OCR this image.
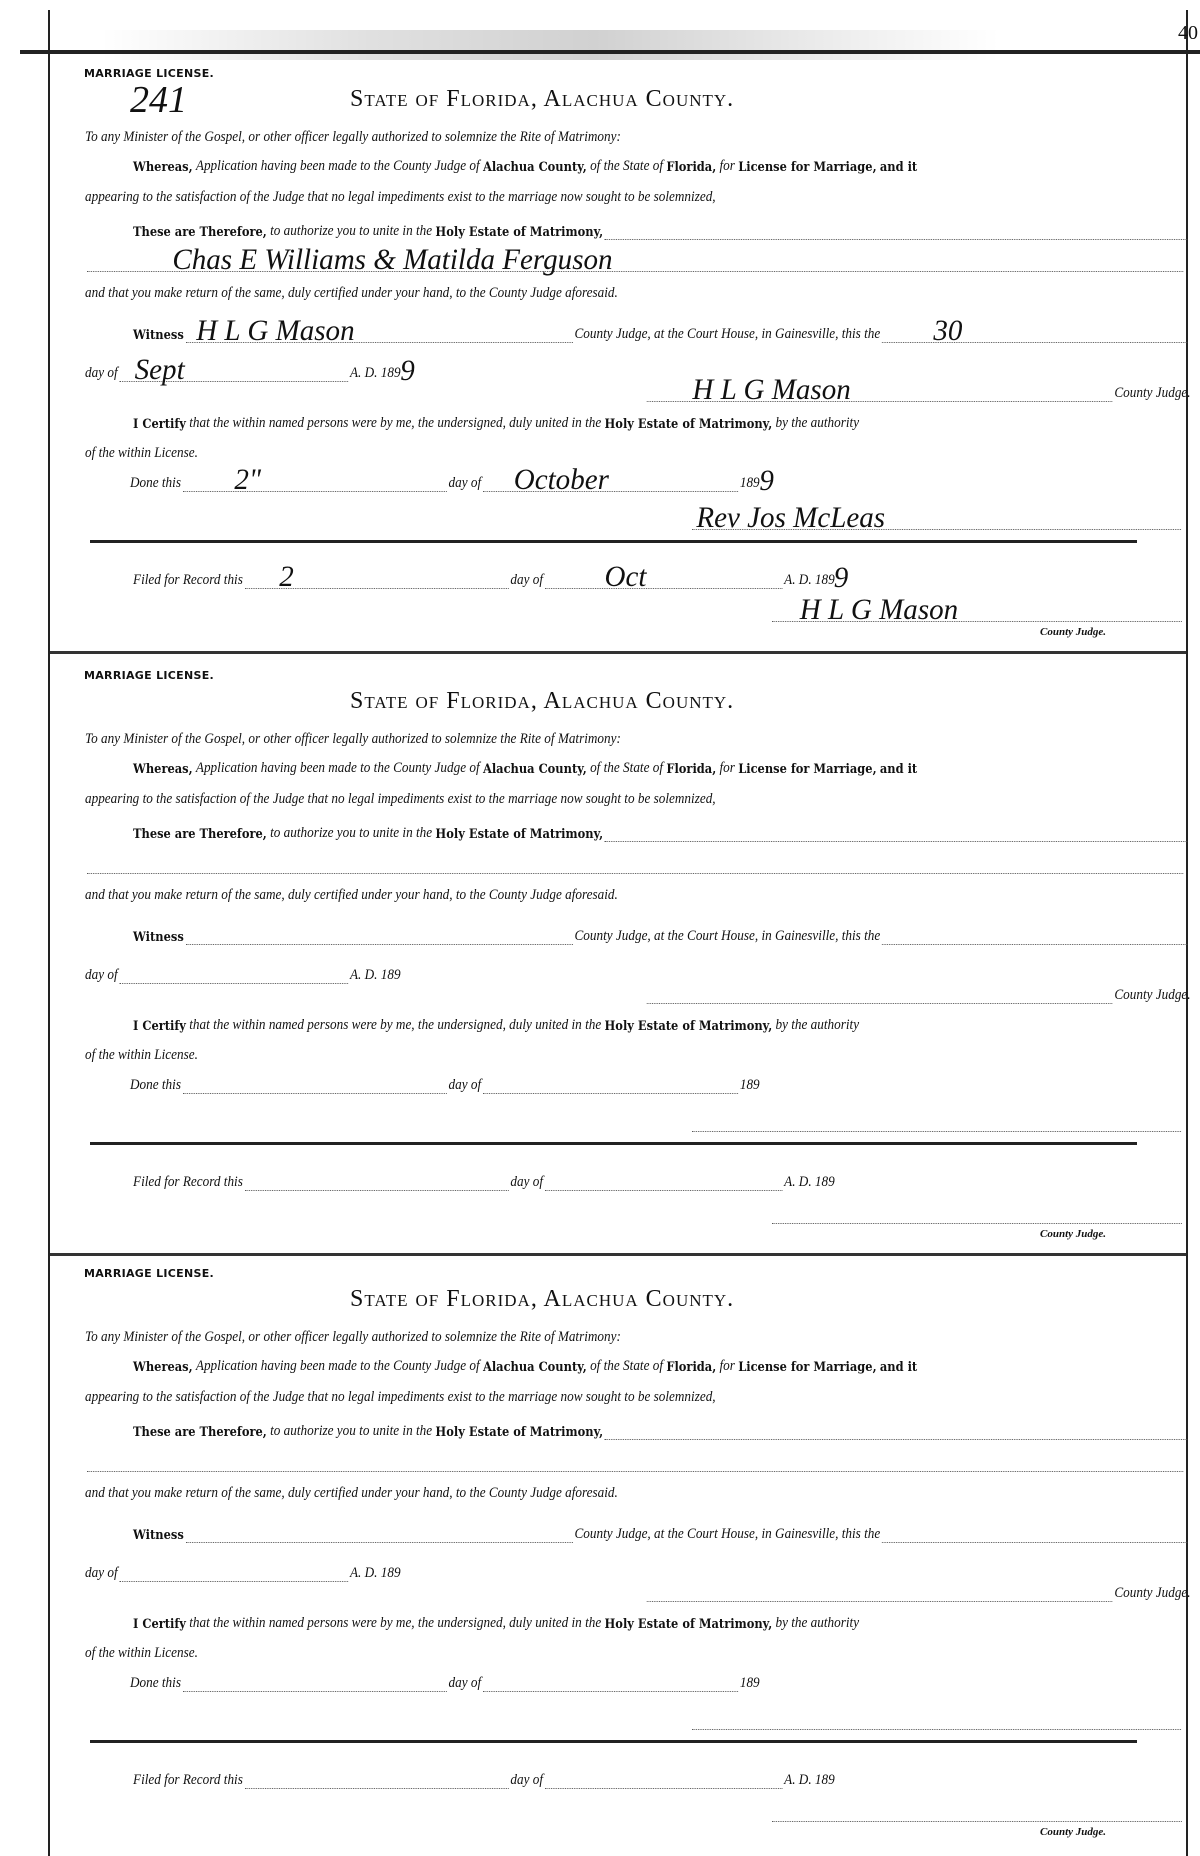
40
MARRIAGE LICENSE.
241	State of Florida, Alachua County.
To any Minister of the Gospel, or other officer legally authorized to solemnize the Rite of Matrimony:
Whereas,
Application having been made to the County Judge of
Alachua County,
of the State of
Florida,
for
License for Marriage,
and it
appearing to the satisfaction of the Judge that no legal impediments exist to the marriage now sought to be solemnized,
These are Therefore,
to authorize you to unite in the
Holy Estate of Matrimony,
Chas E Williams & Matilda Ferguson
and that you make return of the same, duly certified under your hand, to the County Judge aforesaid.
Witness H L G Mason	County Judge, at the Court House, in Gainesville, this the 30
day of Sept	A. D. 189 9
H L G Mason	County Judge.
I Certify
that the within named persons were by me, the undersigned, duly united in the
Holy Estate of Matrimony,
by the authority
of the within License.
Done this 2"	day of October	189 9
Rev Jos McLeas
Filed for Record this 2	day of Oct	A. D. 189 9
H L G Mason
County Judge.
MARRIAGE LICENSE.
State of Florida, Alachua County.
To any Minister of the Gospel, or other officer legally authorized to solemnize the Rite of Matrimony:
Whereas,
Application having been made to the County Judge of
Alachua County,
of the State of
Florida,
for
License for Marriage,
and it
appearing to the satisfaction of the Judge that no legal impediments exist to the marriage now sought to be solemnized,
These are Therefore,
to authorize you to unite in the
Holy Estate of Matrimony,
and that you make return of the same, duly certified under your hand, to the County Judge aforesaid.
Witness	County Judge, at the Court House, in Gainesville, this the
day of	A. D. 189
County Judge.
I Certify
that the within named persons were by me, the undersigned, duly united in the
Holy Estate of Matrimony,
by the authority
of the within License.
Done this	day of	189
Filed for Record this	day of	A. D. 189
County Judge.
MARRIAGE LICENSE.
State of Florida, Alachua County.
To any Minister of the Gospel, or other officer legally authorized to solemnize the Rite of Matrimony:
Whereas,
Application having been made to the County Judge of
Alachua County,
of the State of
Florida,
for
License for Marriage,
and it
appearing to the satisfaction of the Judge that no legal impediments exist to the marriage now sought to be solemnized,
These are Therefore,
to authorize you to unite in the
Holy Estate of Matrimony,
and that you make return of the same, duly certified under your hand, to the County Judge aforesaid.
Witness	County Judge, at the Court House, in Gainesville, this the
day of	A. D. 189
County Judge.
I Certify
that the within named persons were by me, the undersigned, duly united in the
Holy Estate of Matrimony,
by the authority
of the within License.
Done this	day of	189
Filed for Record this	day of	A. D. 189
County Judge.
